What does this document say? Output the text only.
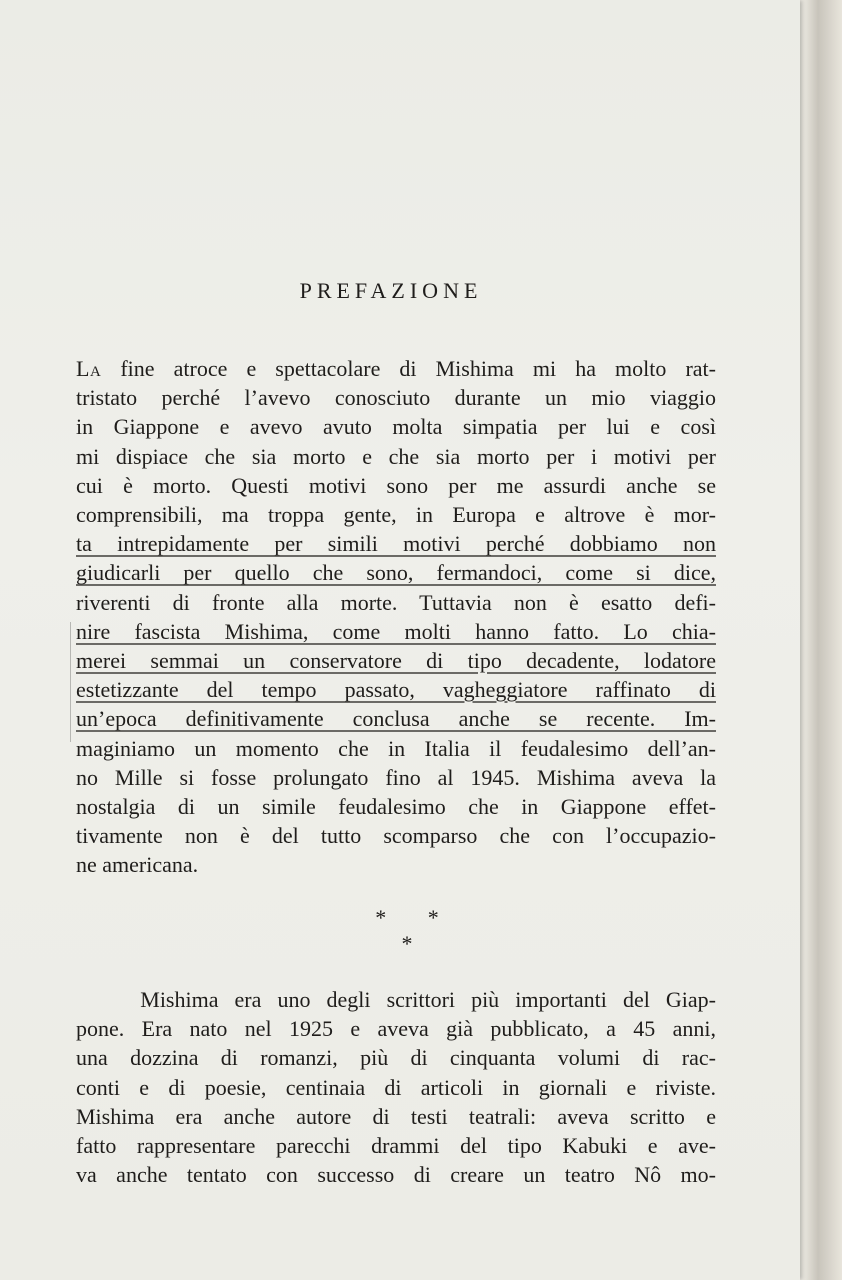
PREFAZIONE
La fine atroce e spettacolare di Mishima mi ha molto rat-
tristato perché l’avevo conosciuto durante un mio viaggio
in Giappone e avevo avuto molta simpatia per lui e così
mi dispiace che sia morto e che sia morto per i motivi per
cui è morto. Questi motivi sono per me assurdi anche se
comprensibili, ma troppa gente, in Europa e altrove è mor-
ta intrepidamente per simili motivi perché dobbiamo non
giudicarli per quello che sono, fermandoci, come si dice,
riverenti di fronte alla morte. Tuttavia non è esatto defi-
nire fascista Mishima, come molti hanno fatto. Lo chia-
merei semmai un conservatore di tipo decadente, lodatore
estetizzante del tempo passato, vagheggiatore raffinato di
un’epoca definitivamente conclusa anche se recente. Im-
maginiamo un momento che in Italia il feudalesimo dell’an-
no Mille si fosse prolungato fino al 1945. Mishima aveva la
nostalgia di un simile feudalesimo che in Giappone effet-
tivamente non è del tutto scomparso che con l’occupazio-
ne americana.
* * *
Mishima era uno degli scrittori più importanti del Giap-
pone. Era nato nel 1925 e aveva già pubblicato, a 45 anni,
una dozzina di romanzi, più di cinquanta volumi di rac-
conti e di poesie, centinaia di articoli in giornali e riviste.
Mishima era anche autore di testi teatrali: aveva scritto e
fatto rappresentare parecchi drammi del tipo Kabuki e ave-
va anche tentato con successo di creare un teatro Nô mo-
